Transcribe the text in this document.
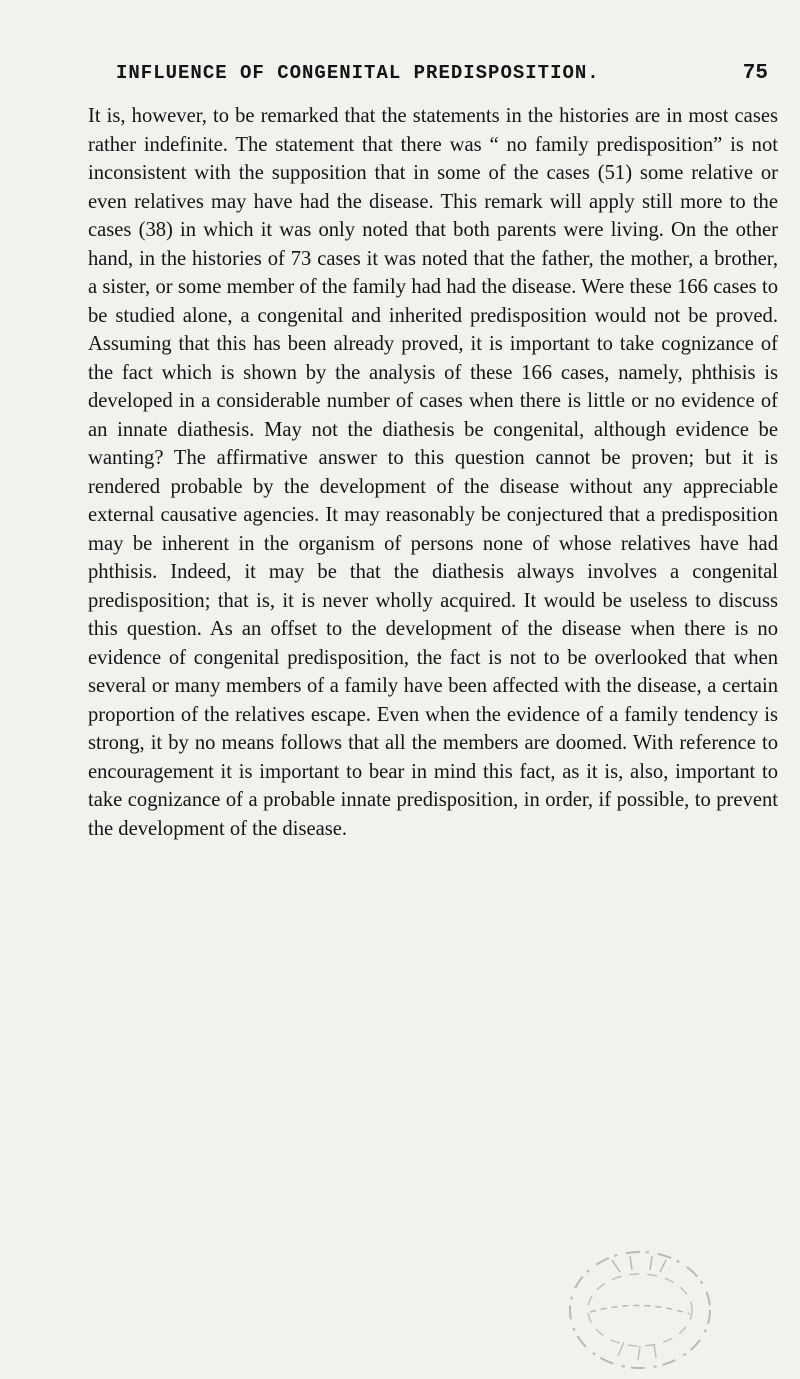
INFLUENCE OF CONGENITAL PREDISPOSITION.	75

It is, however, to be remarked that the statements in the histories are in most cases rather indefinite. The statement that there was “ no family predisposition” is not inconsistent with the supposition that in some of the cases (51) some relative or even relatives may have had the disease. This remark will apply still more to the cases (38) in which it was only noted that both parents were living. On the other hand, in the histories of 73 cases it was noted that the father, the mother, a brother, a sister, or some member of the family had had the disease. Were these 166 cases to be studied alone, a congenital and inherited predisposition would not be proved. Assuming that this has been already proved, it is important to take cognizance of the fact which is shown by the analysis of these 166 cases, namely, phthisis is developed in a considerable number of cases when there is little or no evidence of an innate diathesis. May not the diathesis be congenital, although evidence be wanting? The affirmative answer to this question cannot be proven; but it is rendered probable by the development of the disease without any appreciable external causative agencies. It may reasonably be conjectured that a predisposition may be inherent in the organism of persons none of whose relatives have had phthisis. Indeed, it may be that the diathesis always involves a congenital predisposition; that is, it is never wholly acquired. It would be useless to discuss this question. As an offset to the development of the disease when there is no evidence of congenital predisposition, the fact is not to be overlooked that when several or many members of a family have been affected with the disease, a certain proportion of the relatives escape. Even when the evidence of a family tendency is strong, it by no means follows that all the members are doomed. With reference to encouragement it is important to bear in mind this fact, as it is, also, important to take cognizance of a probable innate predisposition, in order, if possible, to prevent the development of the disease.
